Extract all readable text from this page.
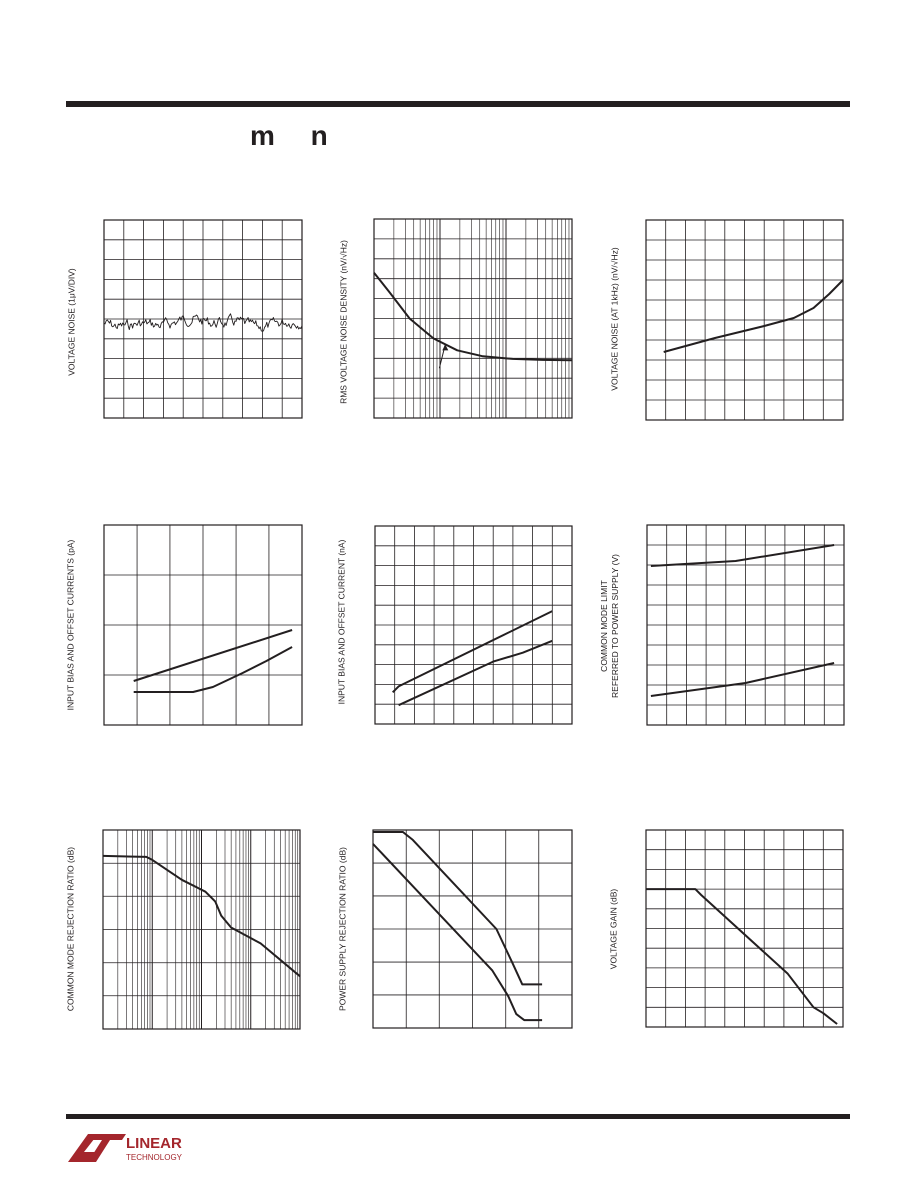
m n
VOLTAGE NOISE (1μV/DIV)	RMS VOLTAGE NOISE DENSITY (nV/√Hz)	VOLTAGE NOISE (AT 1kHz) (nV/√Hz)
INPUT BIAS AND OFFSET CURRENTS (pA)	INPUT BIAS AND OFFSET CURRENT (nA)	COMMON MODE LIMIT
REFERRED TO POWER SUPPLY (V)
COMMON MODE REJECTION RATIO (dB)	POWER SUPPLY REJECTION RATIO (dB)	VOLTAGE GAIN (dB)
LINEAR
TECHNOLOGY
